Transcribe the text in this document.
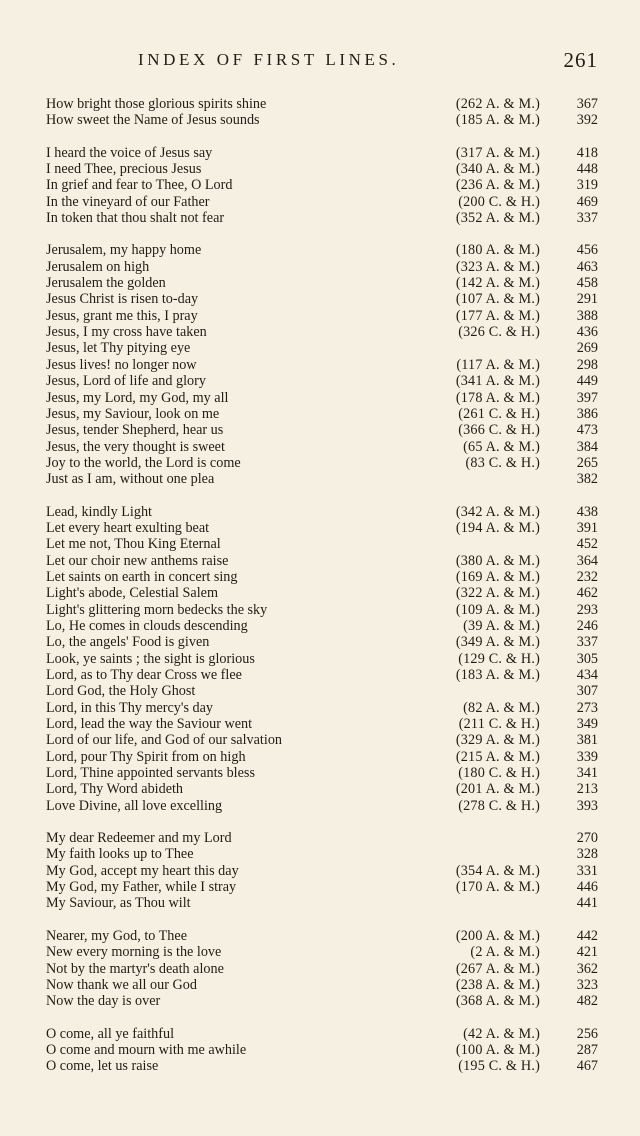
INDEX OF FIRST LINES.	261
How bright those glorious spirits shine	(262 A. & M.)	367
How sweet the Name of Jesus sounds	(185 A. & M.)	392
I heard the voice of Jesus say	(317 A. & M.)	418
I need Thee, precious Jesus	(340 A. & M.)	448
In grief and fear to Thee, O Lord	(236 A. & M.)	319
In the vineyard of our Father	(200 C. & H.)	469
In token that thou shalt not fear	(352 A. & M.)	337
Jerusalem, my happy home	(180 A. & M.)	456
Jerusalem on high	(323 A. & M.)	463
Jerusalem the golden	(142 A. & M.)	458
Jesus Christ is risen to-day	(107 A. & M.)	291
Jesus, grant me this, I pray	(177 A. & M.)	388
Jesus, I my cross have taken	(326 C. & H.)	436
Jesus, let Thy pitying eye	269
Jesus lives! no longer now	(117 A. & M.)	298
Jesus, Lord of life and glory	(341 A. & M.)	449
Jesus, my Lord, my God, my all	(178 A. & M.)	397
Jesus, my Saviour, look on me	(261 C. & H.)	386
Jesus, tender Shepherd, hear us	(366 C. & H.)	473
Jesus, the very thought is sweet	(65 A. & M.)	384
Joy to the world, the Lord is come	(83 C. & H.)	265
Just as I am, without one plea	382
Lead, kindly Light	(342 A. & M.)	438
Let every heart exulting beat	(194 A. & M.)	391
Let me not, Thou King Eternal	452
Let our choir new anthems raise	(380 A. & M.)	364
Let saints on earth in concert sing	(169 A. & M.)	232
Light's abode, Celestial Salem	(322 A. & M.)	462
Light's glittering morn bedecks the sky	(109 A. & M.)	293
Lo, He comes in clouds descending	(39 A. & M.)	246
Lo, the angels' Food is given	(349 A. & M.)	337
Look, ye saints ; the sight is glorious	(129 C. & H.)	305
Lord, as to Thy dear Cross we flee	(183 A. & M.)	434
Lord God, the Holy Ghost	307
Lord, in this Thy mercy's day	(82 A. & M.)	273
Lord, lead the way the Saviour went	(211 C. & H.)	349
Lord of our life, and God of our salvation	(329 A. & M.)	381
Lord, pour Thy Spirit from on high	(215 A. & M.)	339
Lord, Thine appointed servants bless	(180 C. & H.)	341
Lord, Thy Word abideth	(201 A. & M.)	213
Love Divine, all love excelling	(278 C. & H.)	393
My dear Redeemer and my Lord	270
My faith looks up to Thee	328
My God, accept my heart this day	(354 A. & M.)	331
My God, my Father, while I stray	(170 A. & M.)	446
My Saviour, as Thou wilt	441
Nearer, my God, to Thee	(200 A. & M.)	442
New every morning is the love	(2 A. & M.)	421
Not by the martyr's death alone	(267 A. & M.)	362
Now thank we all our God	(238 A. & M.)	323
Now the day is over	(368 A. & M.)	482
O come, all ye faithful	(42 A. & M.)	256
O come and mourn with me awhile	(100 A. & M.)	287
O come, let us raise	(195 C. & H.)	467
